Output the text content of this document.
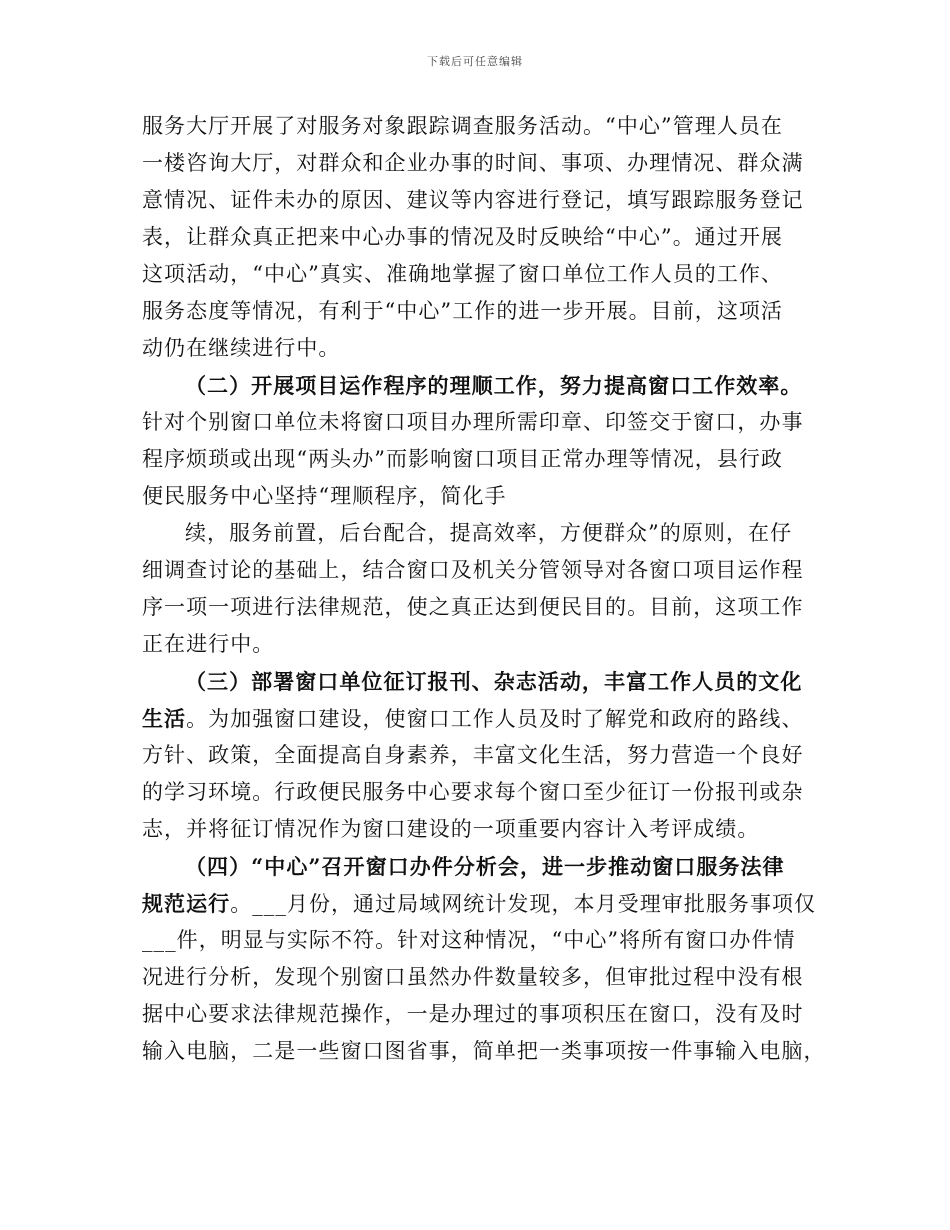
下载后可任意编辑
服务大厅开展了对服务对象跟踪调查服务活动。“中心”管理人员在
一楼咨询大厅，对群众和企业办事的时间、事项、办理情况、群众满
意情况、证件未办的原因、建议等内容进行登记，填写跟踪服务登记
表，让群众真正把来中心办事的情况及时反映给“中心”。通过开展
这项活动，“中心”真实、准确地掌握了窗口单位工作人员的工作、
服务态度等情况，有利于“中心”工作的进一步开展。目前，这项活
动仍在继续进行中。
（二）开展项目运作程序的理顺工作，努力提高窗口工作效率。
针对个别窗口单位未将窗口项目办理所需印章、印签交于窗口，办事
程序烦琐或出现“两头办”而影响窗口项目正常办理等情况，县行政
便民服务中心坚持“理顺程序，简化手
续，服务前置，后台配合，提高效率，方便群众”的原则，在仔
细调查讨论的基础上，结合窗口及机关分管领导对各窗口项目运作程
序一项一项进行法律规范，使之真正达到便民目的。目前，这项工作
正在进行中。
（三）部署窗口单位征订报刊、杂志活动，丰富工作人员的文化
生活。为加强窗口建设，使窗口工作人员及时了解党和政府的路线、
方针、政策，全面提高自身素养，丰富文化生活，努力营造一个良好
的学习环境。行政便民服务中心要求每个窗口至少征订一份报刊或杂
志，并将征订情况作为窗口建设的一项重要内容计入考评成绩。
（四）“中心”召开窗口办件分析会，进一步推动窗口服务法律
规范运行。___月份，通过局域网统计发现，本月受理审批服务事项仅
___件，明显与实际不符。针对这种情况，“中心”将所有窗口办件情
况进行分析，发现个别窗口虽然办件数量较多，但审批过程中没有根
据中心要求法律规范操作，一是办理过的事项积压在窗口，没有及时
输入电脑，二是一些窗口图省事，简单把一类事项按一件事输入电脑，
